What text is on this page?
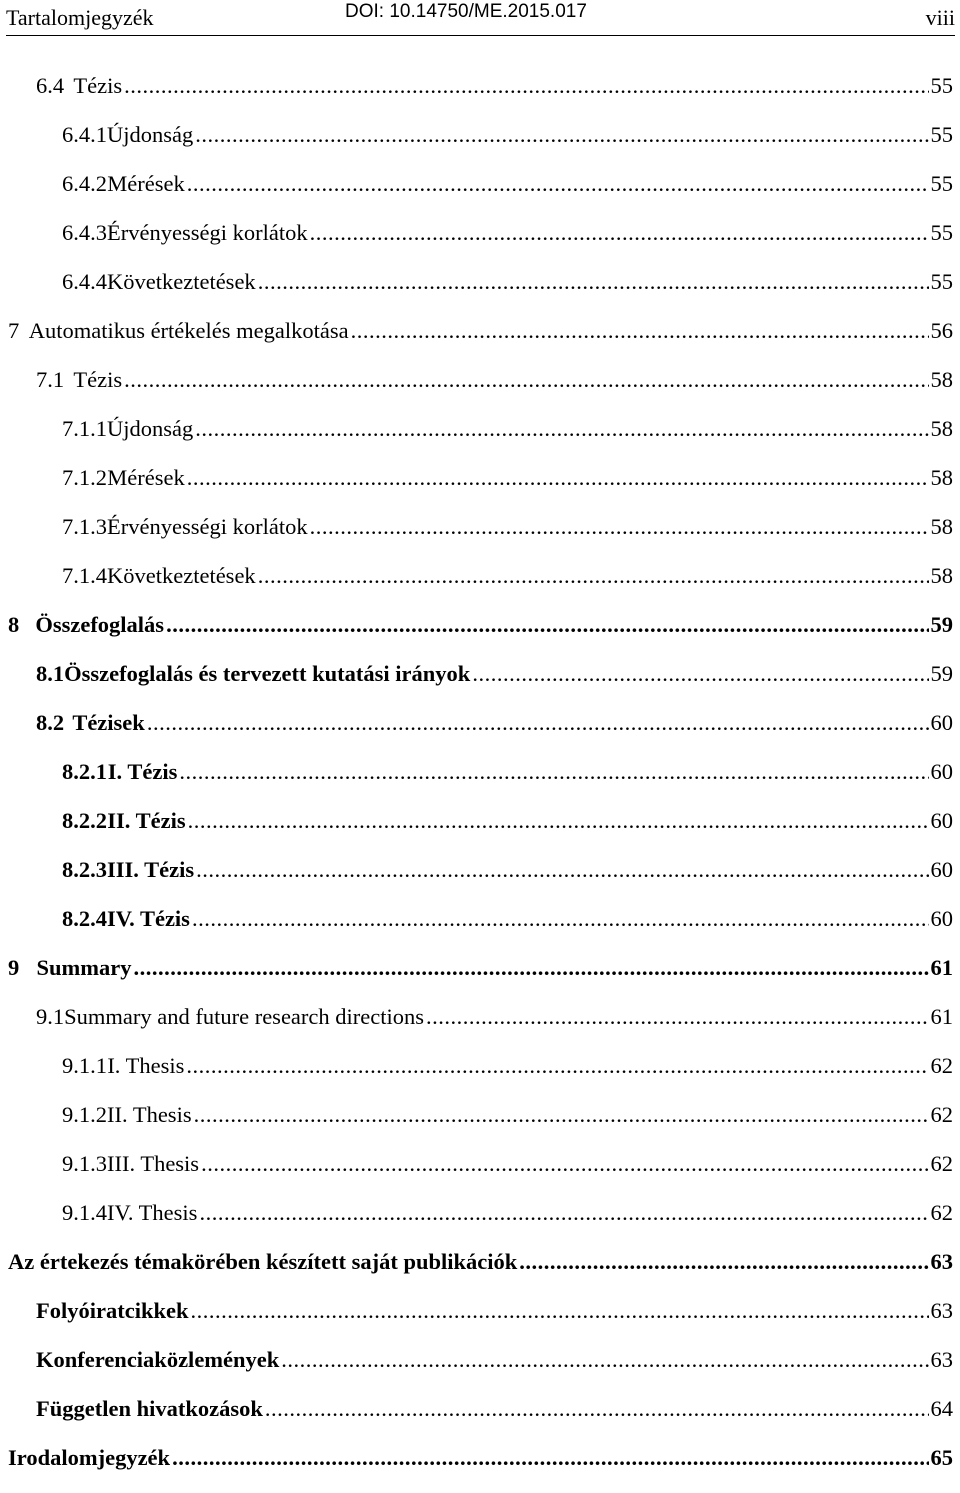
Tartalomjegyzék	DOI: 10.14750/ME.2015.017	viii
6.4 Tézis .....	55
6.4.1 Újdonság .....	55
6.4.2 Mérések .....	55
6.4.3 Érvényességi korlátok .....	55
6.4.4 Következtetések .....	55
7 Automatikus értékelés megalkotása .....	56
7.1 Tézis .....	58
7.1.1 Újdonság .....	58
7.1.2 Mérések .....	58
7.1.3 Érvényességi korlátok .....	58
7.1.4 Következtetések .....	58
8 Összefoglalás .....	59
8.1 Összefoglalás és tervezett kutatási irányok .....	59
8.2 Tézisek .....	60
8.2.1 I. Tézis .....	60
8.2.2 II. Tézis .....	60
8.2.3 III. Tézis .....	60
8.2.4 IV. Tézis .....	60
9 Summary .....	61
9.1 Summary and future research directions .....	61
9.1.1 I. Thesis .....	62
9.1.2 II. Thesis .....	62
9.1.3 III. Thesis .....	62
9.1.4 IV. Thesis .....	62
Az értekezés témakörében készített saját publikációk .....	63
Folyóiratcikkek .....	63
Konferenciaközlemények .....	63
Független hivatkozások .....	64
Irodalomjegyzék .....	65
